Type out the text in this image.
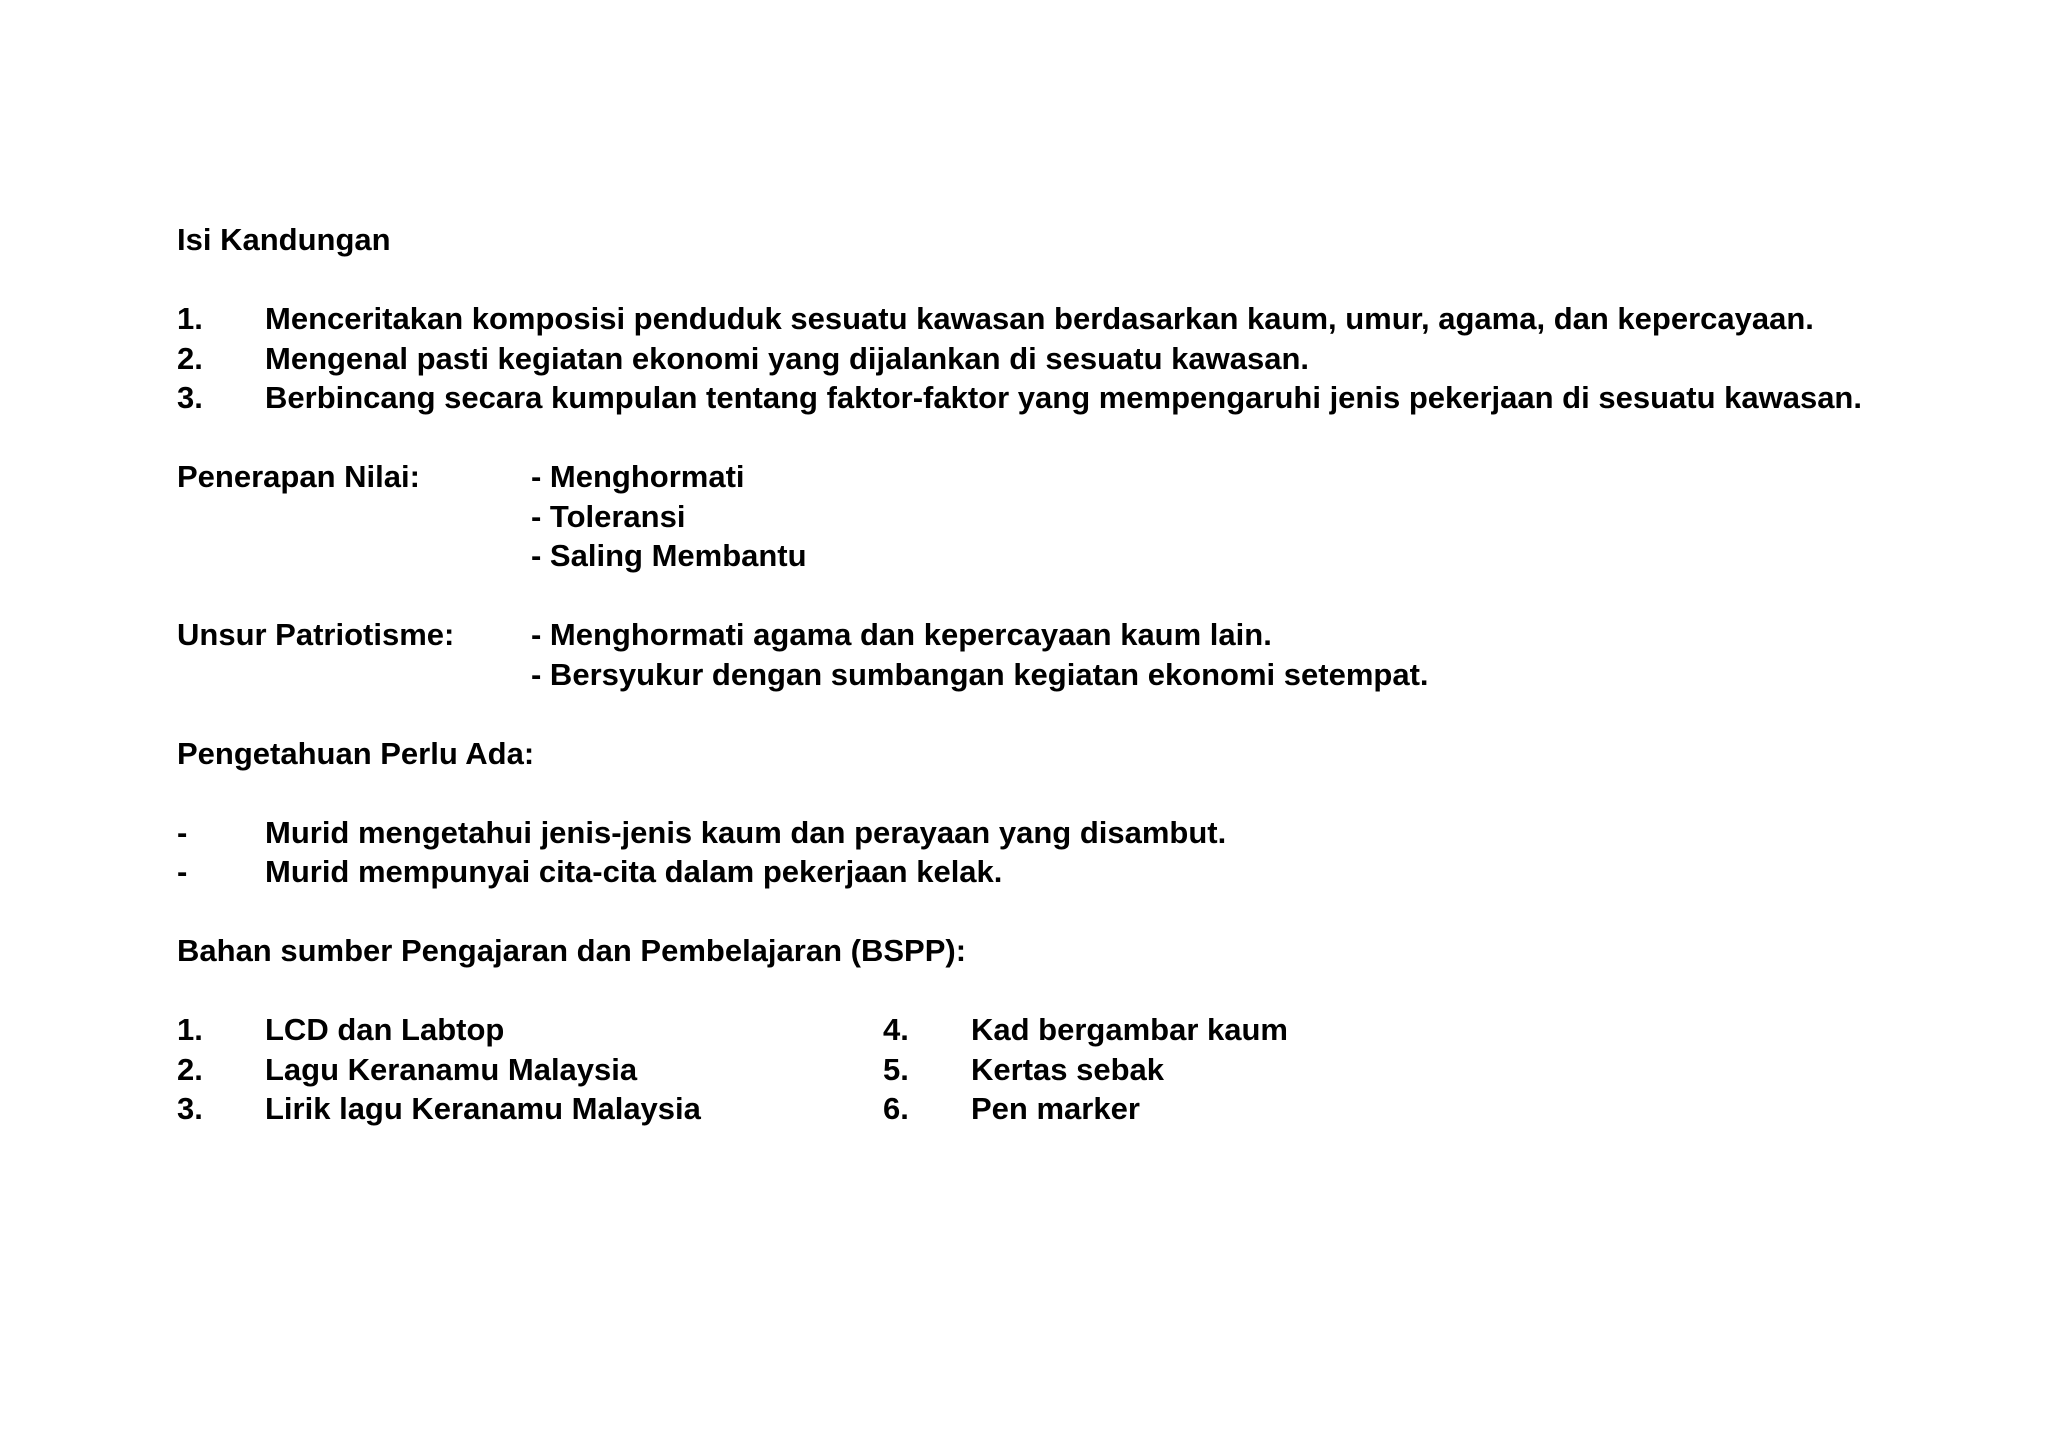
Isi Kandungan
1.	Menceritakan komposisi penduduk sesuatu kawasan berdasarkan kaum, umur, agama, dan kepercayaan.
2.	Mengenal pasti kegiatan ekonomi yang dijalankan di sesuatu kawasan.
3.	Berbincang secara kumpulan tentang faktor-faktor yang mempengaruhi jenis pekerjaan di sesuatu kawasan.
Penerapan Nilai:	- Menghormati
- Toleransi
- Saling Membantu
Unsur Patriotisme:	- Menghormati agama dan kepercayaan kaum lain.
- Bersyukur dengan sumbangan kegiatan ekonomi setempat.
Pengetahuan Perlu Ada:
-	Murid mengetahui jenis-jenis kaum dan perayaan yang disambut.
-	Murid mempunyai cita-cita dalam pekerjaan kelak.
Bahan sumber Pengajaran dan Pembelajaran (BSPP):
1.	LCD dan Labtop
2.	Lagu Keranamu Malaysia
3.	Lirik lagu Keranamu Malaysia
4.	Kad bergambar kaum
5.	Kertas sebak
6.	Pen marker
